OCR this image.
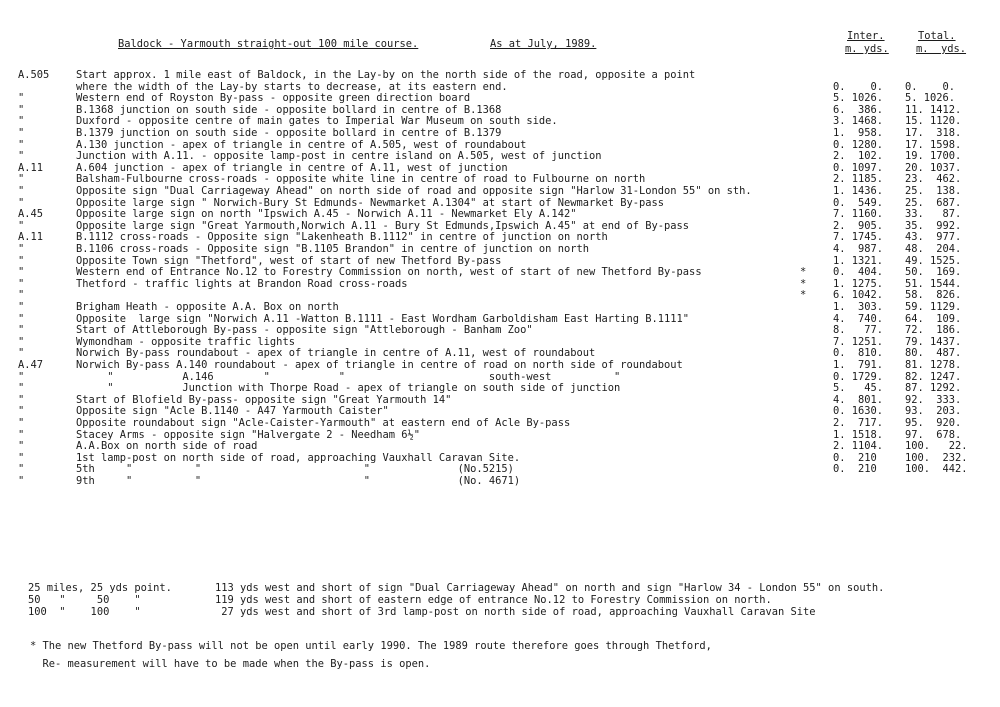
Baldock - Yarmouth straight-out 100 mile course.	As at July, 1989.
Inter.
m. yds.
Total.
m.  yds.
A.505	Start approx. 1 mile east of Baldock, in the Lay-by on the north side of the road, opposite a point
where the width of the Lay-by starts to decrease, at its eastern end.	0.    0.	0.    0.
"	Western end of Royston By-pass - opposite green direction board	5. 1026.	5. 1026.
"	B.1368 junction on south side - opposite bollard in centre of B.1368	6.  386.	11. 1412.
"	Duxford - opposite centre of main gates to Imperial War Museum on south side.	3. 1468.	15. 1120.
"	B.1379 junction on south side - opposite bollard in centre of B.1379	1.  958.	17.  318.
"	A.130 junction - apex of triangle in centre of A.505, west of roundabout	0. 1280.	17. 1598.
"	Junction with A.11. - opposite lamp-post in centre island on A.505, west of junction	2.  102.	19. 1700.
A.11	A.604 junction - apex of triangle in centre of A.11, west of junction	0. 1097.	20. 1037.
"	Balsham-Fulbourne cross-roads - opposite white line in centre of road to Fulbourne on north	2. 1185.	23.  462.
"	Opposite sign "Dual Carriageway Ahead" on north side of road and opposite sign "Harlow 31-London 55" on sth.	1. 1436.	25.  138.
"	Opposite large sign " Norwich-Bury St Edmunds- Newmarket A.1304" at start of Newmarket By-pass	0.  549.	25.  687.
A.45	Opposite large sign on north "Ipswich A.45 - Norwich A.11 - Newmarket Ely A.142"	7. 1160.	33.   87.
"	Opposite large sign "Great Yarmouth,Norwich A.11 - Bury St Edmunds,Ipswich A.45" at end of By-pass	2.  905.	35.  992.
A.11	B.1112 cross-roads - Opposite sign "Lakenheath B.1112" in centre of junction on north	7. 1745.	43.  977.
"	B.1106 cross-roads - Opposite sign "B.1105 Brandon" in centre of junction on north	4.  987.	48.  204.
"	Opposite Town sign "Thetford", west of start of new Thetford By-pass	1. 1321.	49. 1525.
"	Western end of Entrance No.12 to Forestry Commission on north, west of start of new Thetford By-pass	*	0.  404.	50.  169.
"	Thetford - traffic lights at Brandon Road cross-roads	*	1. 1275.	51. 1544.
"	*	6. 1042.	58.  826.
"	Brigham Heath - opposite A.A. Box on north	1.  303.	59. 1129.
"	Opposite  large sign "Norwich A.11 -Watton B.1111 - East Wordham Garboldisham East Harting B.1111"	4.  740.	64.  109.
"	Start of Attleborough By-pass - opposite sign "Attleborough - Banham Zoo"	8.   77.	72.  186.
"	Wymondham - opposite traffic lights	7. 1251.	79. 1437.
"	Norwich By-pass roundabout - apex of triangle in centre of A.11, west of roundabout	0.  810.	80.  487.
A.47	Norwich By-pass A.140 roundabout - apex of triangle in centre of road on north side of roundabout	1.  791.	81. 1278.
"	"           A.146        "           "                       south-west          "	0. 1729.	82. 1247.
"	"           Junction with Thorpe Road - apex of triangle on south side of junction	5.   45.	87. 1292.
"	Start of Blofield By-pass- opposite sign "Great Yarmouth 14"	4.  801.	92.  333.
"	Opposite sign "Acle B.1140 - A47 Yarmouth Caister"	0. 1630.	93.  203.
"	Opposite roundabout sign "Acle-Caister-Yarmouth" at eastern end of Acle By-pass	2.  717.	95.  920.
"	Stacey Arms - opposite sign "Halvergate 2 - Needham 6½"	1. 1518.	97.  678.
"	A.A.Box on north side of road	2. 1104.	100.   22.
"	1st lamp-post on north side of road, approaching Vauxhall Caravan Site.	0.  210	100.  232.
"	5th     "          "                          "              (No.5215)	0.  210	100.  442.
"	9th     "          "                          "              (No. 4671)
25 miles, 25 yds point.	113 yds west and short of sign "Dual Carriageway Ahead" on north and sign "Harlow 34 - London 55" on south.
50   "     50    "	119 yds west and short of eastern edge of entrance No.12 to Forestry Commission on north.
100  "    100    "	27 yds west and short of 3rd lamp-post on north side of road, approaching Vauxhall Caravan Site
* The new Thetford By-pass will not be open until early 1990. The 1989 route therefore goes through Thetford,
Re- measurement will have to be made when the By-pass is open.
